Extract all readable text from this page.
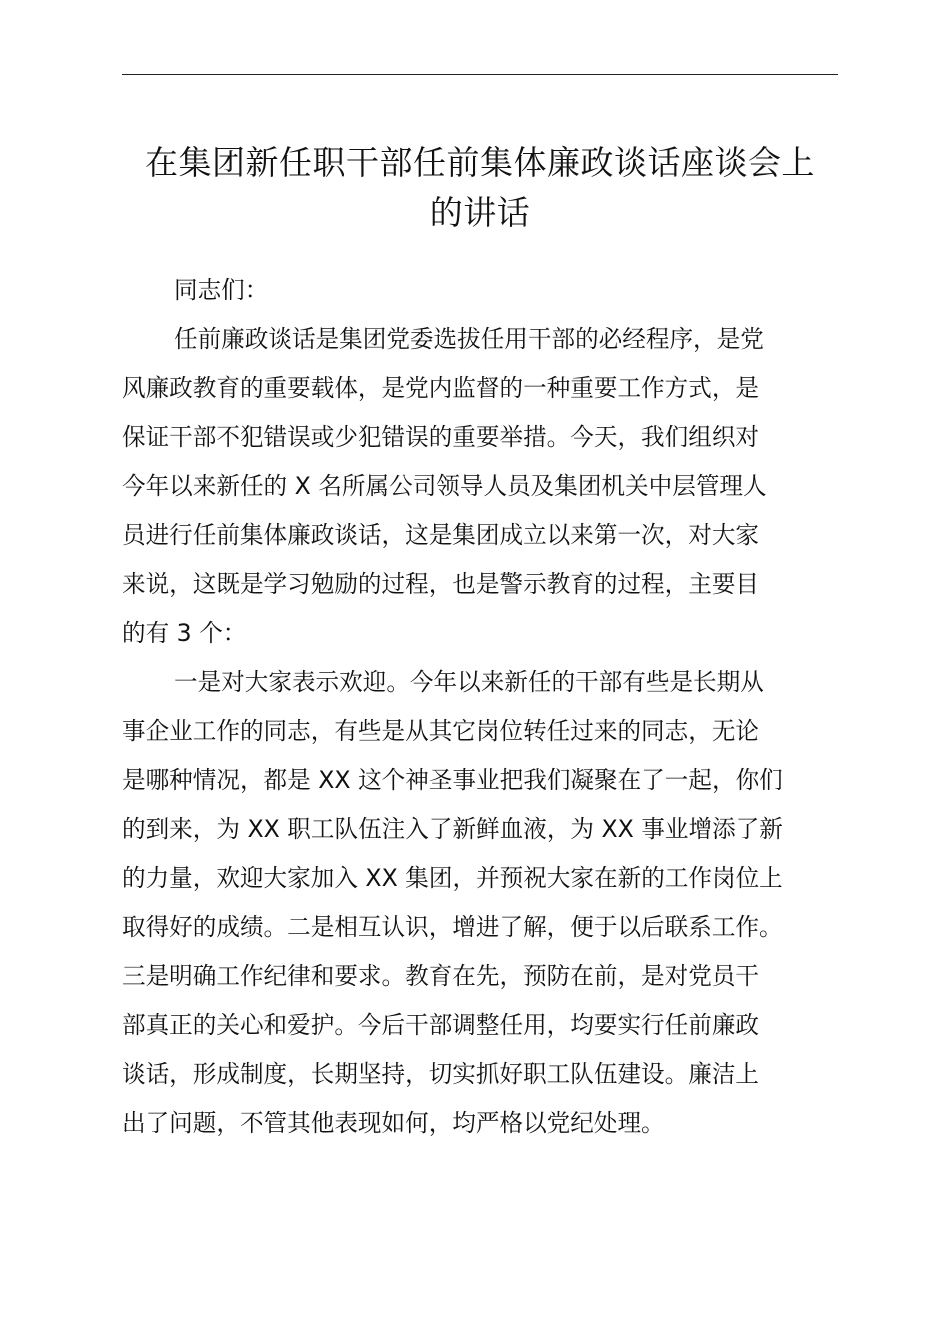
在集团新任职干部任前集体廉政谈话座谈会上
的讲话
同志们：
任前廉政谈话是集团党委选拔任用干部的必经程序，是党
风廉政教育的重要载体，是党内监督的一种重要工作方式，是
保证干部不犯错误或少犯错误的重要举措。今天，我们组织对
今年以来新任的 X 名所属公司领导人员及集团机关中层管理人
员进行任前集体廉政谈话，这是集团成立以来第一次，对大家
来说，这既是学习勉励的过程，也是警示教育的过程，主要目
的有 3 个：
一是对大家表示欢迎。今年以来新任的干部有些是长期从
事企业工作的同志，有些是从其它岗位转任过来的同志，无论
是哪种情况，都是 XX 这个神圣事业把我们凝聚在了一起，你们
的到来，为 XX 职工队伍注入了新鲜血液，为 XX 事业增添了新
的力量，欢迎大家加入 XX 集团，并预祝大家在新的工作岗位上
取得好的成绩。二是相互认识，增进了解，便于以后联系工作。
三是明确工作纪律和要求。教育在先，预防在前，是对党员干
部真正的关心和爱护。今后干部调整任用，均要实行任前廉政
谈话，形成制度，长期坚持，切实抓好职工队伍建设。廉洁上
出了问题，不管其他表现如何，均严格以党纪处理。
